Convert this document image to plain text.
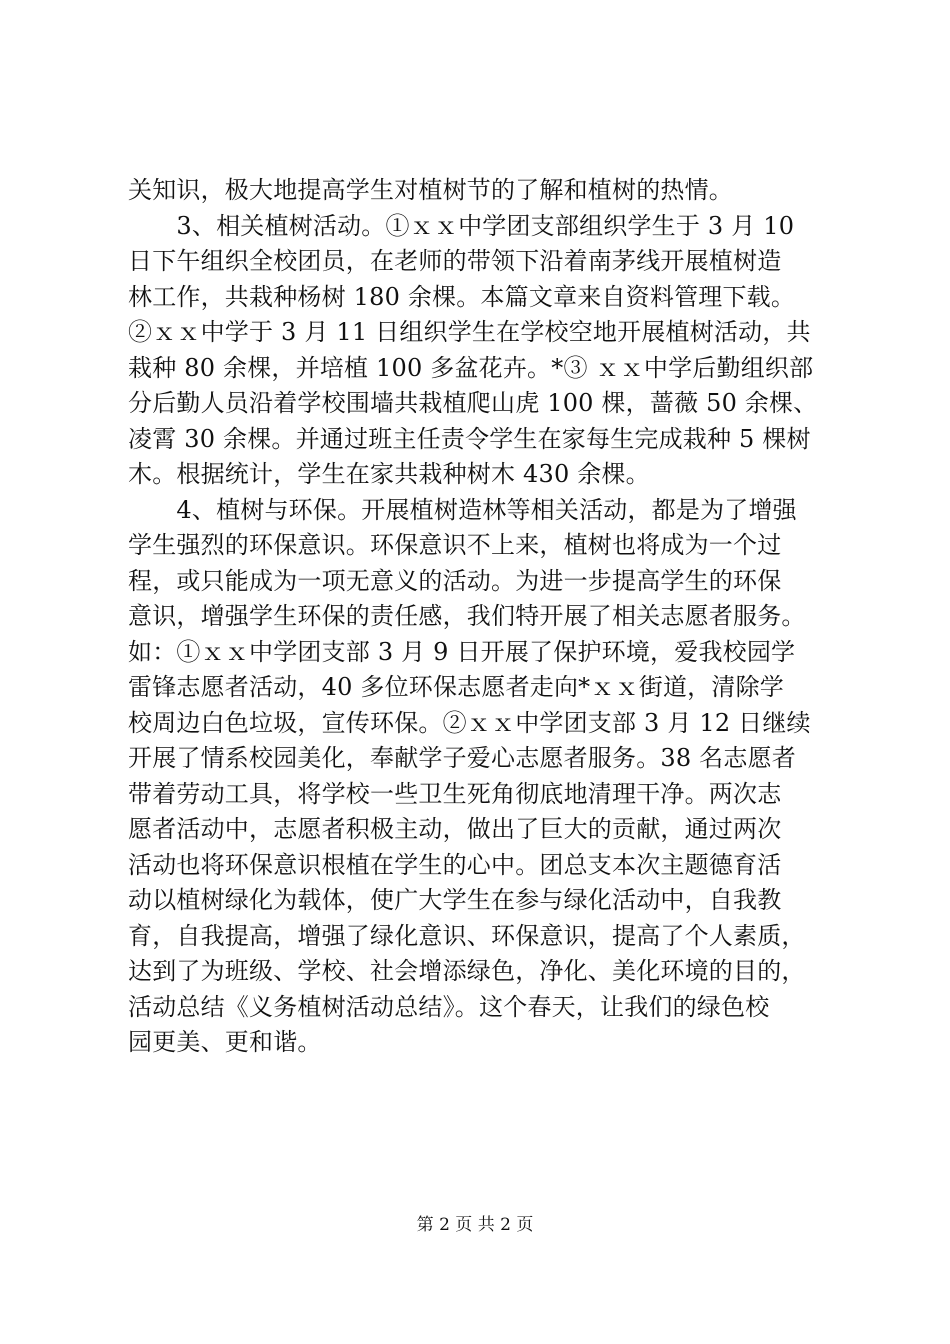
关知识，极大地提高学生对植树节的了解和植树的热情。
　　3、相关植树活动。①ｘｘ中学团支部组织学生于 3 月 10
日下午组织全校团员，在老师的带领下沿着南茅线开展植树造
林工作，共栽种杨树 180 余棵。本篇文章来自资料管理下载。
②ｘｘ中学于 3 月 11 日组织学生在学校空地开展植树活动，共
栽种 80 余棵，并培植 100 多盆花卉。*③ ｘｘ中学后勤组织部
分后勤人员沿着学校围墙共栽植爬山虎 100 棵，蔷薇 50 余棵、
凌霄 30 余棵。并通过班主任责令学生在家每生完成栽种 5 棵树
木。根据统计，学生在家共栽种树木 430 余棵。
　　4、植树与环保。开展植树造林等相关活动，都是为了增强
学生强烈的环保意识。环保意识不上来，植树也将成为一个过
程，或只能成为一项无意义的活动。为进一步提高学生的环保
意识，增强学生环保的责任感，我们特开展了相关志愿者服务。
如：①ｘｘ中学团支部 3 月 9 日开展了保护环境，爱我校园学
雷锋志愿者活动，40 多位环保志愿者走向*ｘｘ街道，清除学
校周边白色垃圾，宣传环保。②ｘｘ中学团支部 3 月 12 日继续
开展了情系校园美化，奉献学子爱心志愿者服务。38 名志愿者
带着劳动工具，将学校一些卫生死角彻底地清理干净。两次志
愿者活动中，志愿者积极主动，做出了巨大的贡献，通过两次
活动也将环保意识根植在学生的心中。团总支本次主题德育活
动以植树绿化为载体，使广大学生在参与绿化活动中，自我教
育，自我提高，增强了绿化意识、环保意识，提高了个人素质，
达到了为班级、学校、社会增添绿色，净化、美化环境的目的，
活动总结《义务植树活动总结》。这个春天，让我们的绿色校
园更美、更和谐。
第 2 页 共 2 页
